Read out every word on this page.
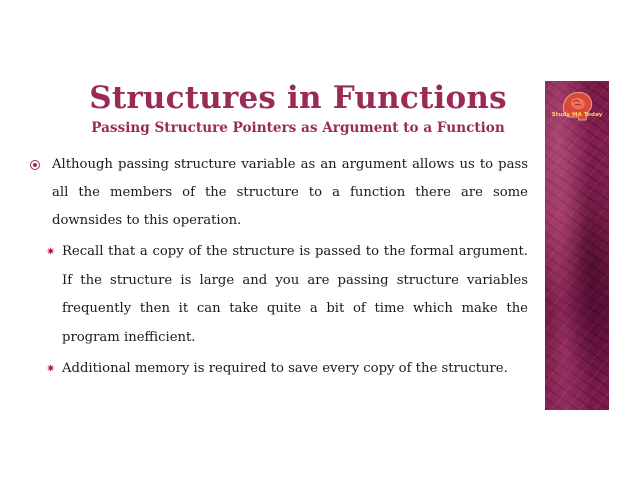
Structures in Functions
Passing Structure Pointers as Argument to a Function

Although passing structure variable as an argument allows us to pass all the members of the structure to a function there are some downsides to this operation.

✷ Recall that a copy of the structure is passed to the formal argument. If the structure is large and you are passing structure variables frequently then it can take quite a bit of time which make the program inefficient.

✷ Additional memory is required to save every copy of the structure.

Study MA Today
